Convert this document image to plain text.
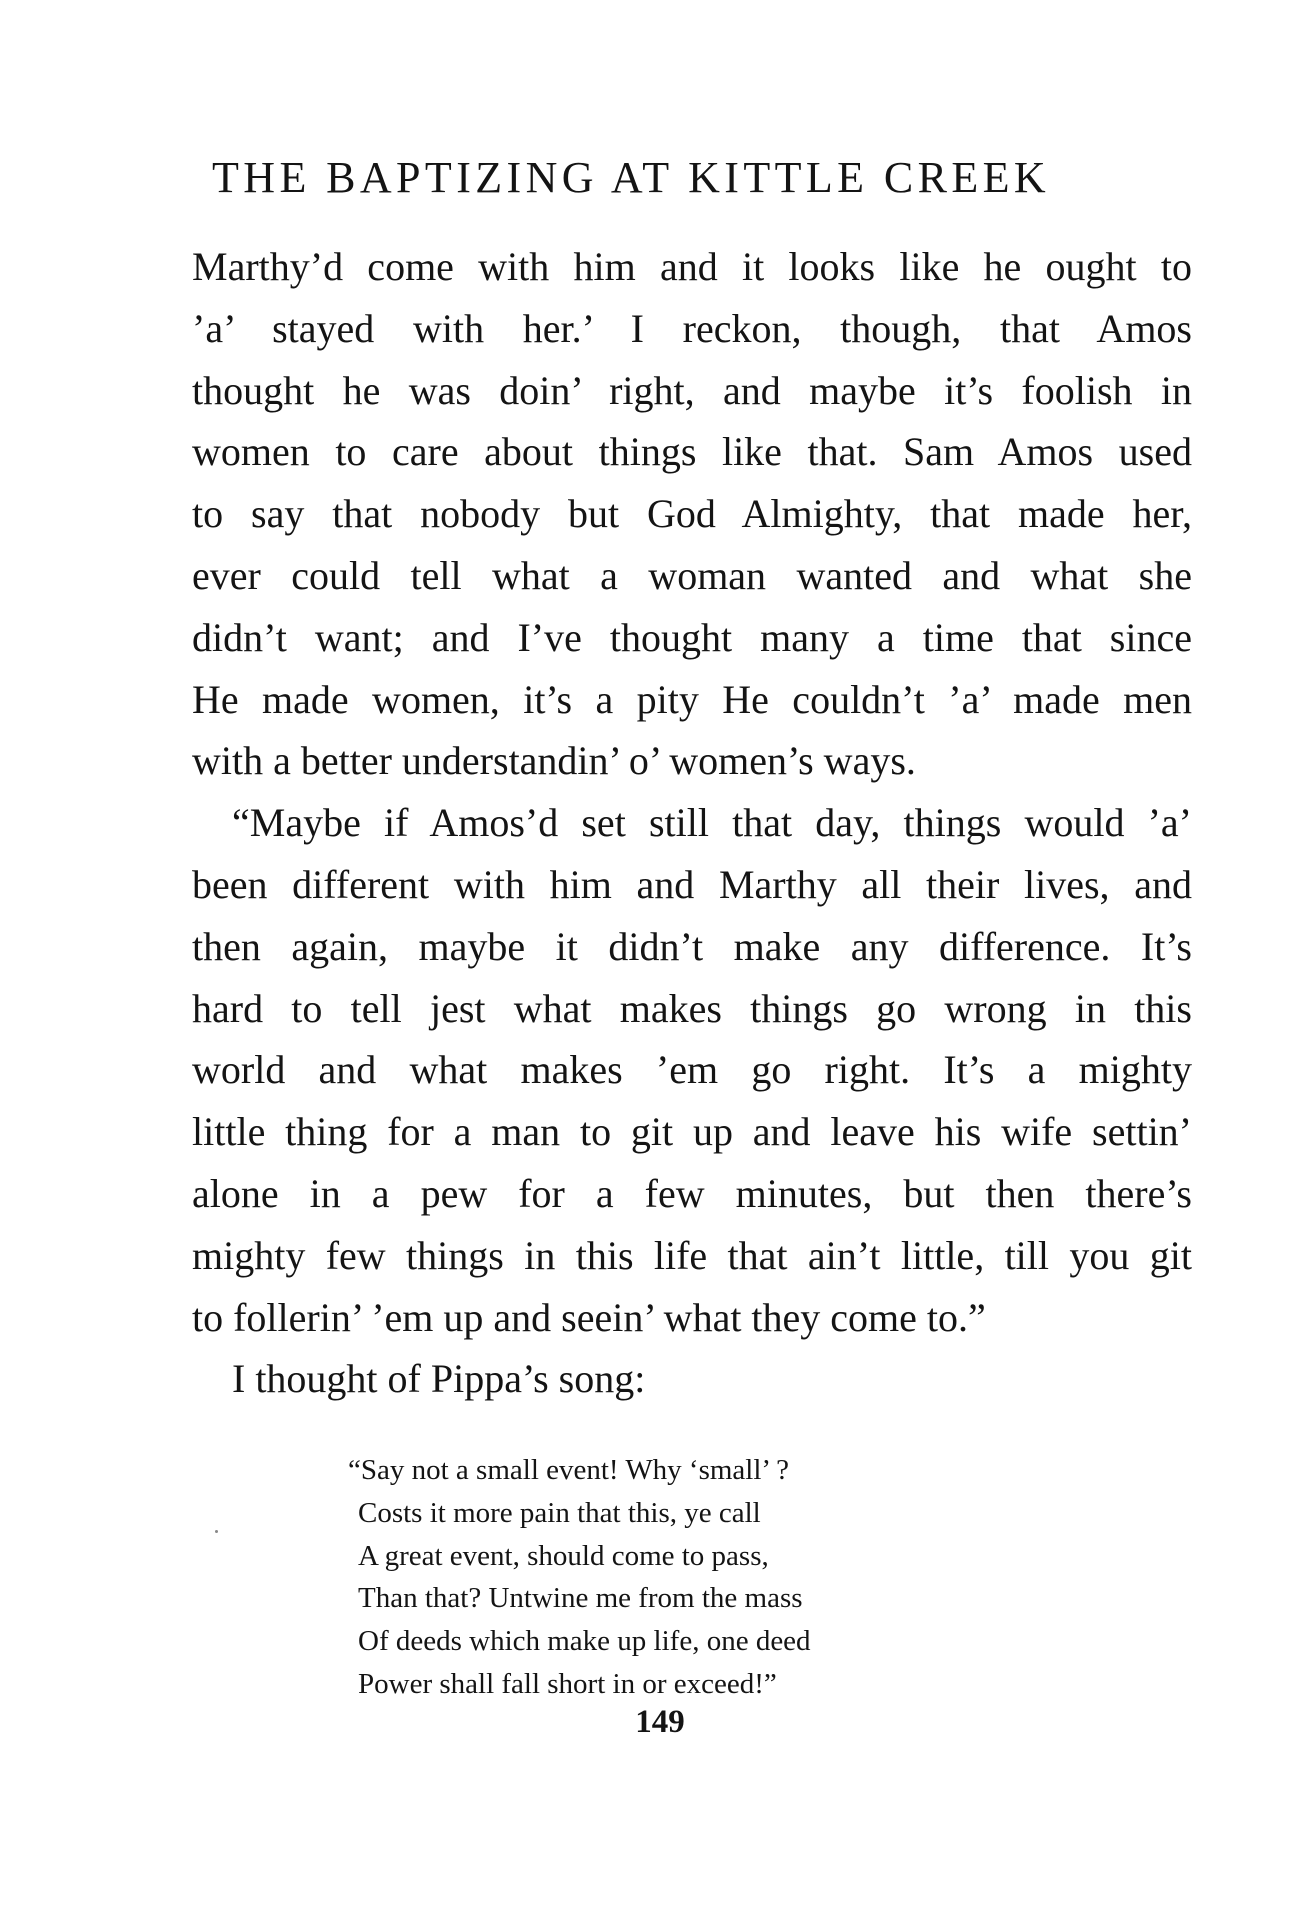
THE BAPTIZING AT KITTLE CREEK
Marthy’d come with him and it looks like he ought to
’a’ stayed with her.’ I reckon, though, that Amos
thought he was doin’ right, and maybe it’s foolish in
women to care about things like that. Sam Amos used
to say that nobody but God Almighty, that made her,
ever could tell what a woman wanted and what she
didn’t want; and I’ve thought many a time that since
He made women, it’s a pity He couldn’t ’a’ made men
with a better understandin’ o’ women’s ways.
“Maybe if Amos’d set still that day, things would ’a’
been different with him and Marthy all their lives, and
then again, maybe it didn’t make any difference. It’s
hard to tell jest what makes things go wrong in this
world and what makes ’em go right. It’s a mighty
little thing for a man to git up and leave his wife settin’
alone in a pew for a few minutes, but then there’s
mighty few things in this life that ain’t little, till you git
to follerin’ ’em up and seein’ what they come to.”
I thought of Pippa’s song:
“Say not a small event! Why ‘small’ ?
Costs it more pain that this, ye call
A great event, should come to pass,
Than that? Untwine me from the mass
Of deeds which make up life, one deed
Power shall fall short in or exceed!”
149
